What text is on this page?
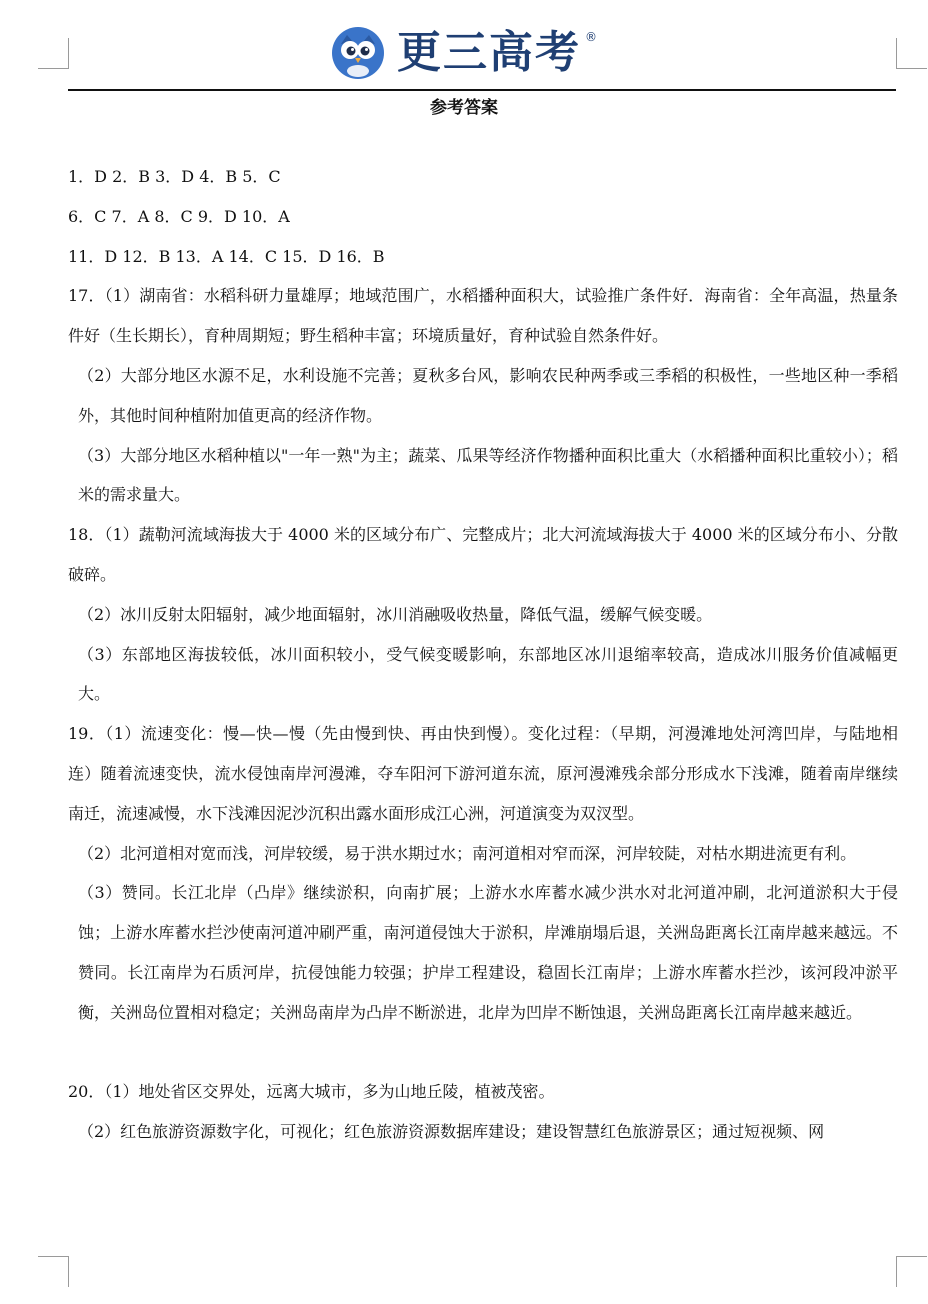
更三高考 ®
参考答案

1．D 2．B 3．D 4．B 5．C

6．C 7．A 8．C 9．D 10．A

11．D 12．B 13．A 14．C 15．D 16．B

17．（1）湖南省：水稻科研力量雄厚；地域范围广，水稻播种面积大，试验推广条件好．海南省：全年高温，热量条件好（生长期长），育种周期短；野生稻种丰富；环境质量好，育种试验自然条件好。

（2）大部分地区水源不足，水利设施不完善；夏秋多台风，影响农民种两季或三季稻的积极性，一些地区种一季稻外，其他时间种植附加值更高的经济作物。

（3）大部分地区水稻种植以"一年一熟"为主；蔬菜、瓜果等经济作物播种面积比重大（水稻播种面积比重较小）；稻米的需求量大。

18．（1）蔬勒河流域海拔大于 4000 米的区域分布广、完整成片；北大河流域海拔大于 4000 米的区域分布小、分散破碎。

（2）冰川反射太阳辐射，减少地面辐射，冰川消融吸收热量，降低气温，缓解气候变暖。

（3）东部地区海拔较低，冰川面积较小，受气候变暖影响，东部地区冰川退缩率较高，造成冰川服务价值减幅更大。

19．（1）流速变化：慢—快—慢（先由慢到快、再由快到慢）。变化过程：（早期，河漫滩地处河湾凹岸，与陆地相连）随着流速变快，流水侵蚀南岸河漫滩，夺车阳河下游河道东流，原河漫滩残余部分形成水下浅滩，随着南岸继续南迁，流速减慢，水下浅滩因泥沙沉积出露水面形成江心洲，河道演变为双汊型。

（2）北河道相对宽而浅，河岸较缓，易于洪水期过水；南河道相对窄而深，河岸较陡，对枯水期进流更有利。

（3）赞同。长江北岸（凸岸》继续淤积，向南扩展；上游水水库蓄水减少洪水对北河道冲刷，北河道淤积大于侵蚀；上游水库蓄水拦沙使南河道冲刷严重，南河道侵蚀大于淤积，岸滩崩塌后退，关洲岛距离长江南岸越来越远。不赞同。长江南岸为石质河岸，抗侵蚀能力较强；护岸工程建设，稳固长江南岸；上游水库蓄水拦沙，该河段冲淤平衡，关洲岛位置相对稳定；关洲岛南岸为凸岸不断淤进，北岸为凹岸不断蚀退，关洲岛距离长江南岸越来越近。

20．（1）地处省区交界处，远离大城市，多为山地丘陵，植被茂密。

（2）红色旅游资源数字化，可视化；红色旅游资源数据库建设；建设智慧红色旅游景区；通过短视频、网
